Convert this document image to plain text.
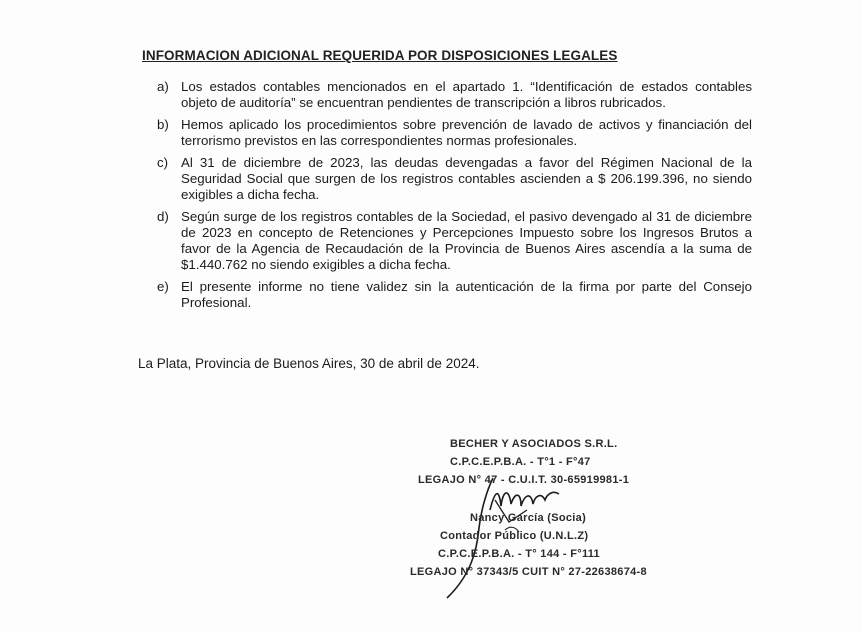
INFORMACION ADICIONAL REQUERIDA POR DISPOSICIONES LEGALES
a) Los estados contables mencionados en el apartado 1. “Identificación de estados contables objeto de auditoría” se encuentran pendientes de transcripción a libros rubricados.
b) Hemos aplicado los procedimientos sobre prevención de lavado de activos y financiación del terrorismo previstos en las correspondientes normas profesionales.
c) Al 31 de diciembre de 2023, las deudas devengadas a favor del Régimen Nacional de la Seguridad Social que surgen de los registros contables ascienden a $ 206.199.396, no siendo exigibles a dicha fecha.
d) Según surge de los registros contables de la Sociedad, el pasivo devengado al 31 de diciembre de 2023 en concepto de Retenciones y Percepciones Impuesto sobre los Ingresos Brutos a favor de la Agencia de Recaudación de la Provincia de Buenos Aires ascendía a la suma de $1.440.762 no siendo exigibles a dicha fecha.
e) El presente informe no tiene validez sin la autenticación de la firma por parte del Consejo Profesional.
La Plata, Provincia de Buenos Aires, 30 de abril de 2024.
BECHER Y ASOCIADOS S.R.L.
C.P.C.E.P.B.A. - T°1 - F°47
LEGAJO N° 47 - C.U.I.T. 30-65919981-1
Nancy García (Socia)
Contador Público (U.N.L.Z)
C.P.C.E.P.B.A. - T° 144 - F°111
LEGAJO N° 37343/5 CUIT N° 27-22638674-8
